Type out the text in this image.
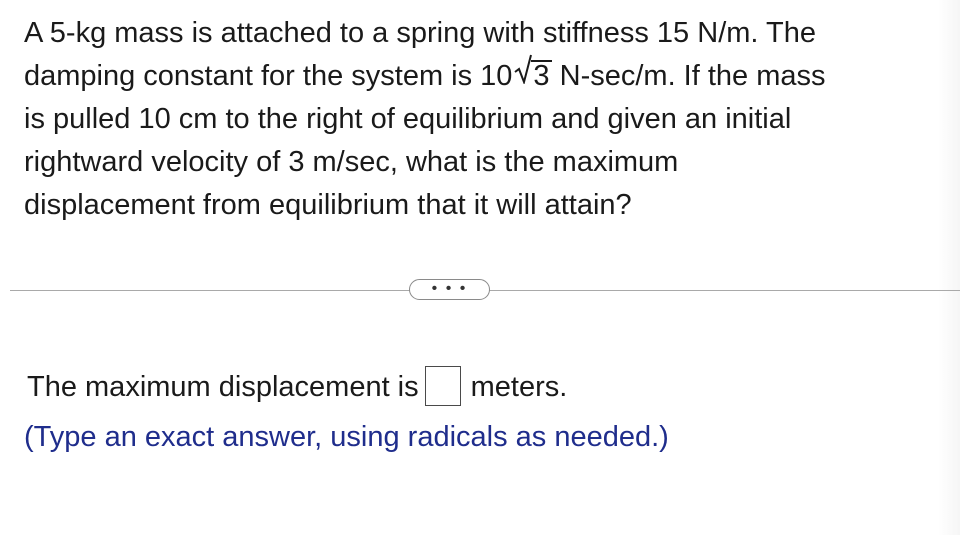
A 5-kg mass is attached to a spring with stiffness 15 N/m. The
damping constant for the system is 10 3 N-sec/m. If the mass
is pulled 10 cm to the right of equilibrium and given an initial
rightward velocity of 3 m/sec, what is the maximum
displacement from equilibrium that it will attain?
• • •
The maximum displacement is meters.
(Type an exact answer, using radicals as needed.)
